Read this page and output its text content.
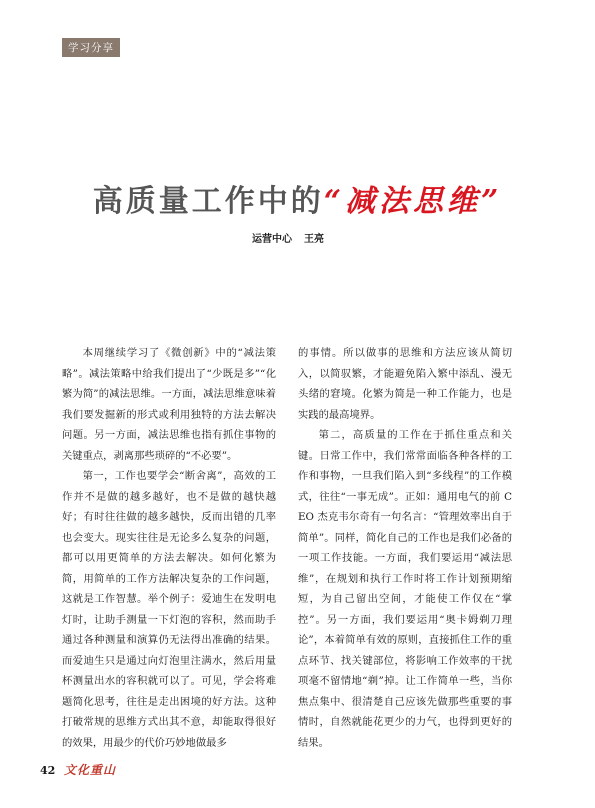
学习分享
高质量工作中的“减法思维”
运营中心 王亮

本周继续学习了《微创新》中的“减法策略”。减法策略中给我们提出了“少既是多”“化繁为简”的减法思维。一方面，减法思维意味着我们要发掘新的形式或利用独特的方法去解决问题。另一方面，减法思维也指有抓住事物的关键重点，剥离那些琐碎的“不必要”。

第一，工作也要学会“断舍离”，高效的工作并不是做的越多越好，也不是做的越快越好；有时往往做的越多越快，反而出错的几率也会变大。现实往往是无论多么复杂的问题，都可以用更简单的方法去解决。如何化繁为简，用简单的工作方法解决复杂的工作问题，这就是工作智慧。举个例子：爱迪生在发明电灯时，让助手测量一下灯泡的容积，然而助手通过各种测量和演算仍无法得出准确的结果。而爱迪生只是通过向灯泡里注满水，然后用量杯测量出水的容积就可以了。可见，学会将难题简化思考，往往是走出困境的好方法。这种打破常规的思维方式出其不意，却能取得很好的效果，用最少的代价巧妙地做最多

的事情。所以做事的思维和方法应该从简切入，以简驭繁，才能避免陷入繁中添乱、漫无头绪的窘境。化繁为简是一种工作能力，也是实践的最高境界。

第二，高质量的工作在于抓住重点和关键。日常工作中，我们常常面临各种各样的工作和事物，一旦我们陷入到“多线程”的工作模式，往往“一事无成”。正如：通用电气的前 CEO 杰克韦尔奇有一句名言：“管理效率出自于简单”。同样，简化自己的工作也是我们必备的一项工作技能。一方面，我们要运用“减法思维”，在规划和执行工作时将工作计划预期缩短，为自己留出空间，才能使工作仅在“掌控”。另一方面，我们要运用“奥卡姆剃刀理论”，本着简单有效的原则，直接抓住工作的重点环节、找关键部位，将影响工作效率的干扰项毫不留情地“剃”掉。让工作简单一些，当你焦点集中、很清楚自己应该先做那些重要的事情时，自然就能花更少的力气，也得到更好的结果。

42 文化重山
